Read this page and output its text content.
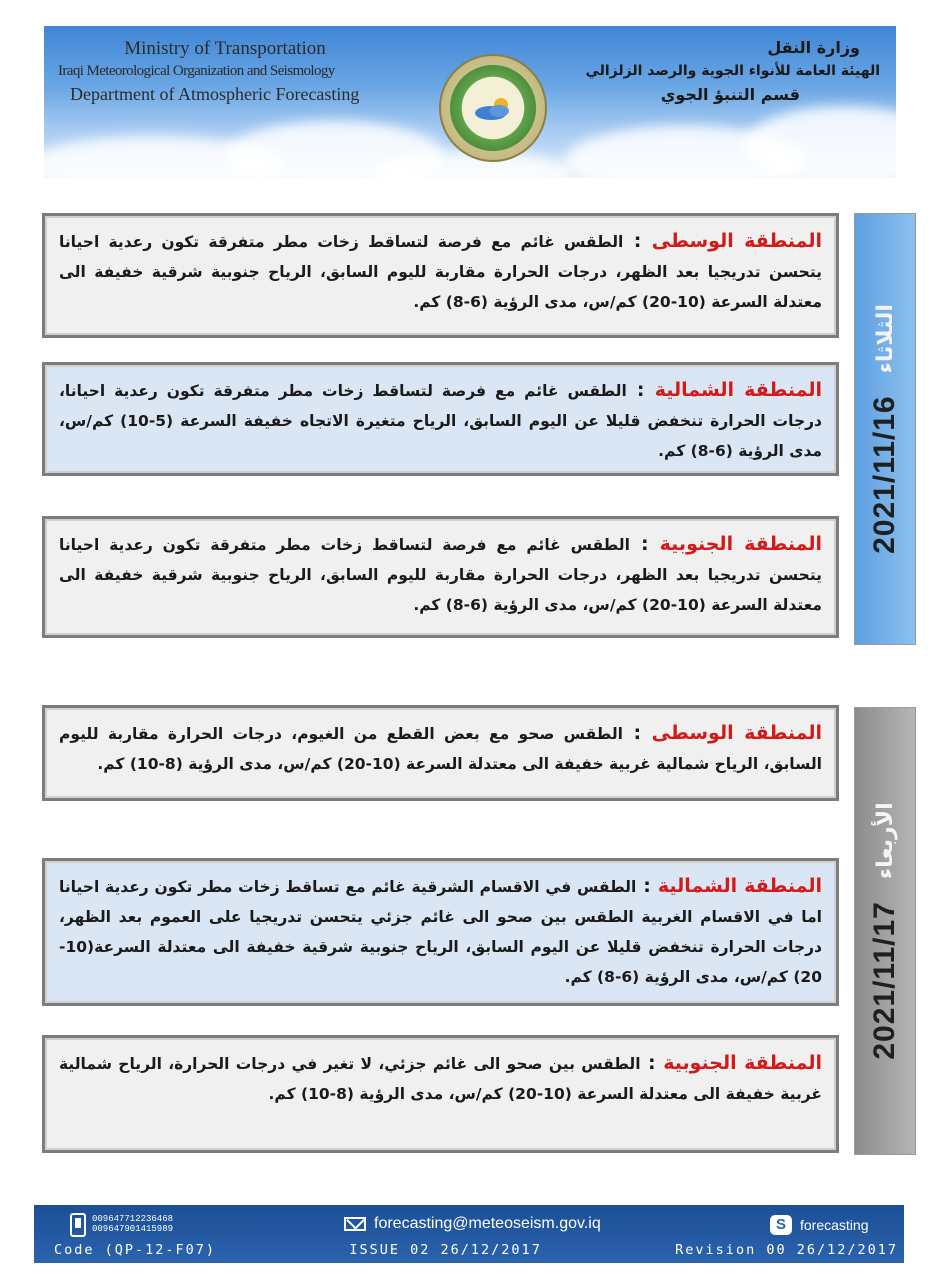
Ministry of Transportation
Iraqi Meteorological Organization and Seismology
Department of Atmospheric Forecasting
وزارة النقل
الهيئة العامة للأنواء الجوية والرصد الزلزالي
قسم التنبؤ الجوي
2021/11/16
الثلاثاء
المنطقة الوسطى : الطقس غائم مع فرصة لتساقط زخات مطر متفرقة تكون رعدية احيانا يتحسن تدريجيا بعد الظهر، درجات الحرارة مقاربة لليوم السابق، الرياح جنوبية شرقية خفيفة الى معتدلة السرعة (10-20) كم/س، مدى الرؤية (6-8) كم.
المنطقة الشمالية : الطقس غائم مع فرصة لتساقط زخات مطر متفرقة تكون رعدية احيانا، درجات الحرارة تنخفض قليلا عن اليوم السابق، الرياح متغيرة الاتجاه خفيفة السرعة (5-10) كم/س، مدى الرؤية (6-8) كم.
المنطقة الجنوبية : الطقس غائم مع فرصة لتساقط زخات مطر متفرقة تكون رعدية احيانا يتحسن تدريجيا بعد الظهر، درجات الحرارة مقاربة لليوم السابق، الرياح جنوبية شرقية خفيفة الى معتدلة السرعة (10-20) كم/س، مدى الرؤية (6-8) كم.
2021/11/17
الأربعاء
المنطقة الوسطى : الطقس صحو مع بعض القطع من الغيوم، درجات الحرارة مقاربة لليوم السابق، الرياح شمالية غربية خفيفة الى معتدلة السرعة (10-20) كم/س، مدى الرؤية (8-10) كم.
المنطقة الشمالية : الطقس في الاقسام الشرقية غائم مع تساقط زخات مطر تكون رعدية احيانا اما في الاقسام الغربية الطقس بين صحو الى غائم جزئي يتحسن تدريجيا على العموم بعد الظهر، درجات الحرارة تنخفض قليلا عن اليوم السابق، الرياح جنوبية شرقية خفيفة الى معتدلة السرعة(10-20) كم/س، مدى الرؤية (6-8) كم.
المنطقة الجنوبية : الطقس بين صحو الى غائم جزئي، لا تغير في درجات الحرارة، الرياح شمالية غربية خفيفة الى معتدلة السرعة (10-20) كم/س، مدى الرؤية (8-10) كم.
009647712236468
009647901415989	forecasting@meteoseism.gov.iq	S	forecasting
Code (QP-12-F07)	ISSUE 02 26/12/2017	Revision 00 26/12/2017
